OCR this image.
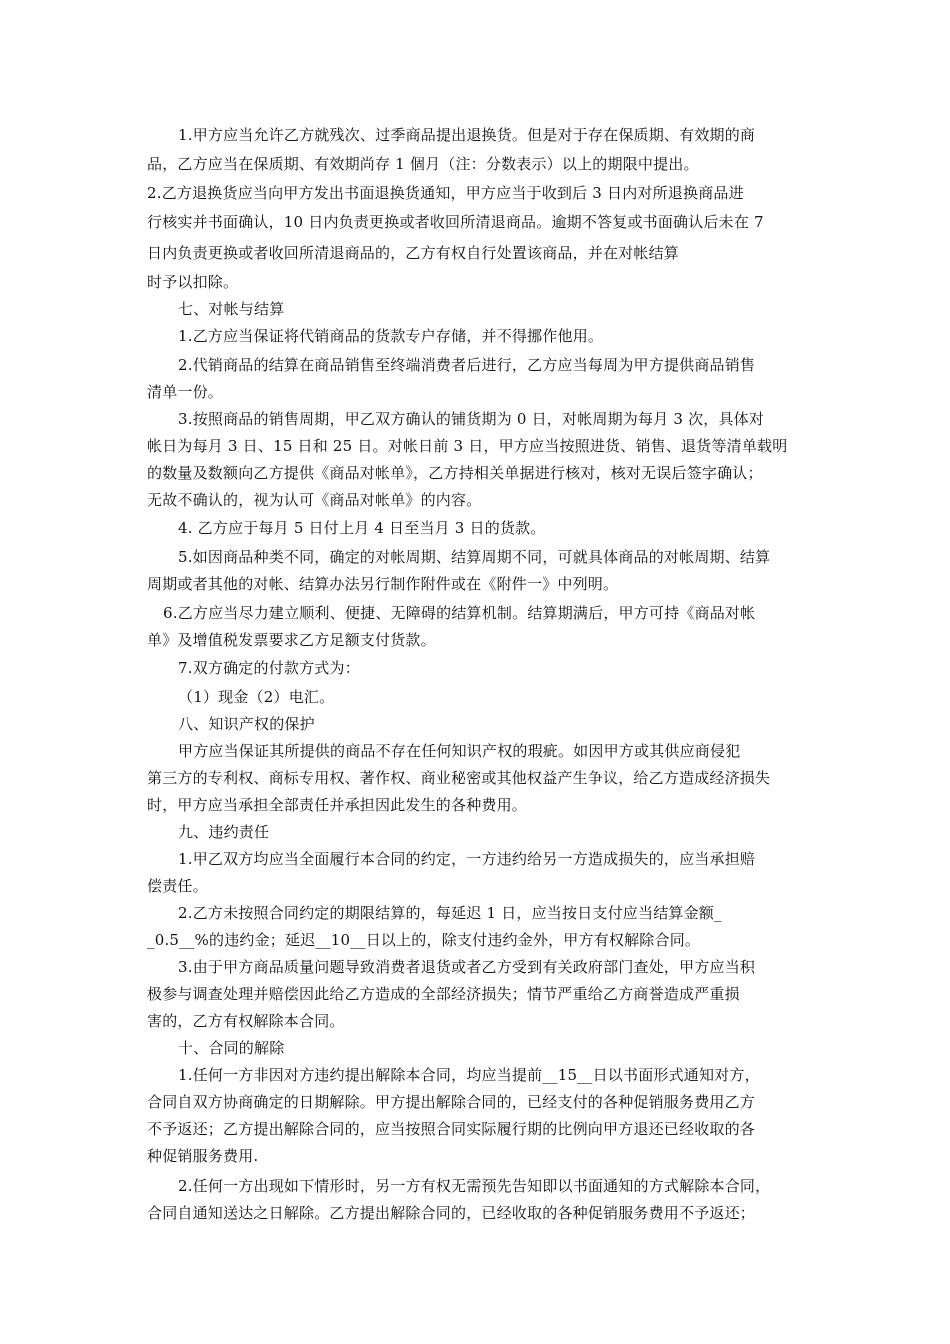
1.甲方应当允许乙方就残次、过季商品提出退换货。但是对于存在保质期、有效期的商
品，乙方应当在保质期、有效期尚存 1 個月（注：分数表示）以上的期限中提出。
2.乙方退换货应当向甲方发出书面退换货通知，甲方应当于收到后 3 日内对所退换商品进
行核实并书面确认，10 日内负责更换或者收回所清退商品。逾期不答复或书面确认后未在 7
日内负责更换或者收回所清退商品的，乙方有权自行处置该商品，并在对帐结算
时予以扣除。
七、对帐与结算
1.乙方应当保证将代销商品的货款专户存储，并不得挪作他用。
2.代销商品的结算在商品销售至终端消费者后进行，乙方应当每周为甲方提供商品销售
清单一份。
3.按照商品的销售周期，甲乙双方确认的铺货期为 0 日，对帐周期为每月 3 次，具体对
帐日为每月 3 日、15 日和 25 日。对帐日前 3 日，甲方应当按照进货、销售、退货等清单载明
的数量及数额向乙方提供《商品对帐单》，乙方持相关单据进行核对，核对无误后签字确认；
无故不确认的，视为认可《商品对帐单》的内容。
4. 乙方应于每月 5 日付上月 4 日至当月 3 日的货款。
5.如因商品种类不同，确定的对帐周期、结算周期不同，可就具体商品的对帐周期、结算
周期或者其他的对帐、结算办法另行制作附件或在《附件一》中列明。
6.乙方应当尽力建立顺利、便捷、无障碍的结算机制。结算期满后，甲方可持《商品对帐
单》及增值税发票要求乙方足额支付货款。
7.双方确定的付款方式为：
（1）现金（2）电汇。
八、知识产权的保护
甲方应当保证其所提供的商品不存在任何知识产权的瑕疵。如因甲方或其供应商侵犯
第三方的专利权、商标专用权、著作权、商业秘密或其他权益产生争议，给乙方造成经济损失
时，甲方应当承担全部责任并承担因此发生的各种费用。
九、违约责任
1.甲乙双方均应当全面履行本合同的约定，一方违约给另一方造成损失的，应当承担赔
偿责任。
2.乙方未按照合同约定的期限结算的，每延迟 1 日，应当按日支付应当结算金额_
_0.5__%的违约金；延迟__10__日以上的，除支付违约金外，甲方有权解除合同。
3.由于甲方商品质量问题导致消费者退货或者乙方受到有关政府部门查处，甲方应当积
极参与调查处理并赔偿因此给乙方造成的全部经济损失；情节严重给乙方商誉造成严重损
害的，乙方有权解除本合同。
十、合同的解除
1.任何一方非因对方违约提出解除本合同，均应当提前__15__日以书面形式通知对方，
合同自双方协商确定的日期解除。甲方提出解除合同的，已经支付的各种促销服务费用乙方
不予返还；乙方提出解除合同的，应当按照合同实际履行期的比例向甲方退还已经收取的各
种促销服务费用.
2.任何一方出现如下情形时，另一方有权无需预先告知即以书面通知的方式解除本合同，
合同自通知送达之日解除。乙方提出解除合同的，已经收取的各种促销服务费用不予返还；
